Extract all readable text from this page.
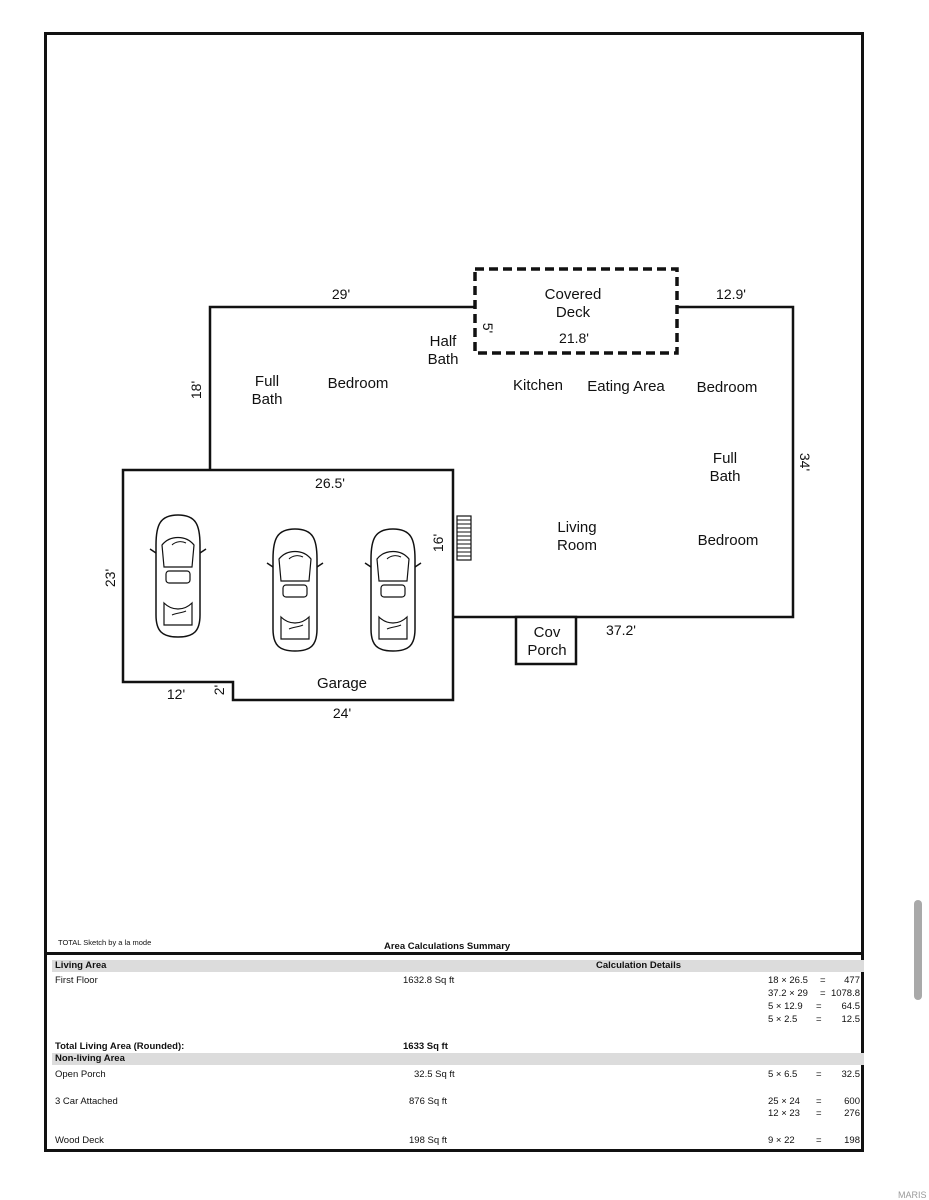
Covered
Deck
Half
Bath
Full
Bath
Bedroom	Kitchen Eating Area Bedroom
Full
Bath
Living
Room	Bedroom
Cov
Porch
Garage
29'	12.9'
21.8'
5'
18'
34'
26.5'
16'
23'
37.2'
12' 2'
24'
TOTAL Sketch by a la mode	Area Calculations Summary
Living Area	Calculation Details
First Floor	1632.8 Sq ft	18 × 26.5 = 477
37.2 × 29 = 1078.8
5 × 12.9 = 64.5
5 × 2.5 = 12.5
Total Living Area (Rounded):	1633 Sq ft
Non-living Area
Open Porch	32.5 Sq ft	5 × 6.5 = 32.5
3 Car Attached	876 Sq ft	25 × 24 = 600
12 × 23 = 276
Wood Deck	198 Sq ft	9 × 22 = 198
MARIS
